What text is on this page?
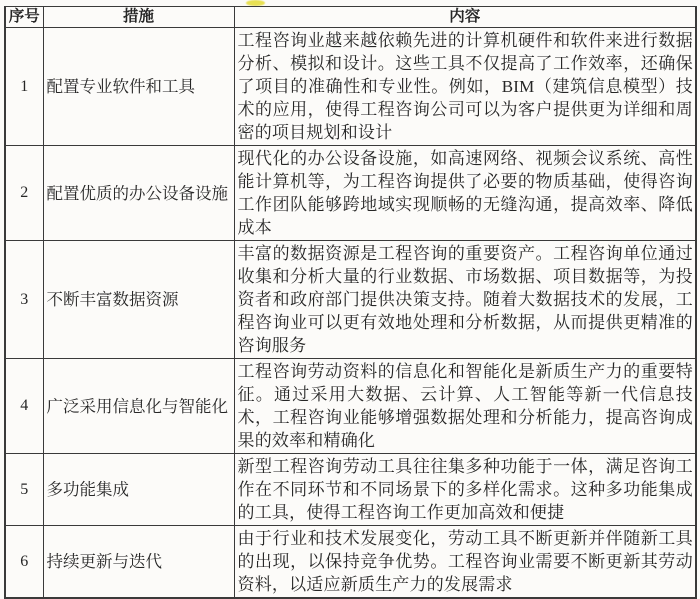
序号	措施	内容
1	配置专业软件和工具	工程咨询业越来越依赖先进的计算机硬件和软件来进行数据分析、模拟和设计。这些工具不仅提高了工作效率，还确保了项目的准确性和专业性。例如，BIM（建筑信息模型）技术的应用，使得工程咨询公司可以为客户提供更为详细和周密的项目规划和设计
2	配置优质的办公设备设施	现代化的办公设备设施，如高速网络、视频会议系统、高性能计算机等，为工程咨询提供了必要的物质基础，使得咨询工作团队能够跨地域实现顺畅的无缝沟通，提高效率、降低成本
3	不断丰富数据资源	丰富的数据资源是工程咨询的重要资产。工程咨询单位通过收集和分析大量的行业数据、市场数据、项目数据等，为投资者和政府部门提供决策支持。随着大数据技术的发展，工程咨询业可以更有效地处理和分析数据，从而提供更精准的咨询服务
4	广泛采用信息化与智能化	工程咨询劳动资料的信息化和智能化是新质生产力的重要特征。通过采用大数据、云计算、人工智能等新一代信息技术，工程咨询业能够增强数据处理和分析能力，提高咨询成果的效率和精确化
5	多功能集成	新型工程咨询劳动工具往往集多种功能于一体，满足咨询工作在不同环节和不同场景下的多样化需求。这种多功能集成的工具，使得工程咨询工作更加高效和便捷
6	持续更新与迭代	由于行业和技术发展变化，劳动工具不断更新并伴随新工具的出现，以保持竞争优势。工程咨询业需要不断更新其劳动资料，以适应新质生产力的发展需求
